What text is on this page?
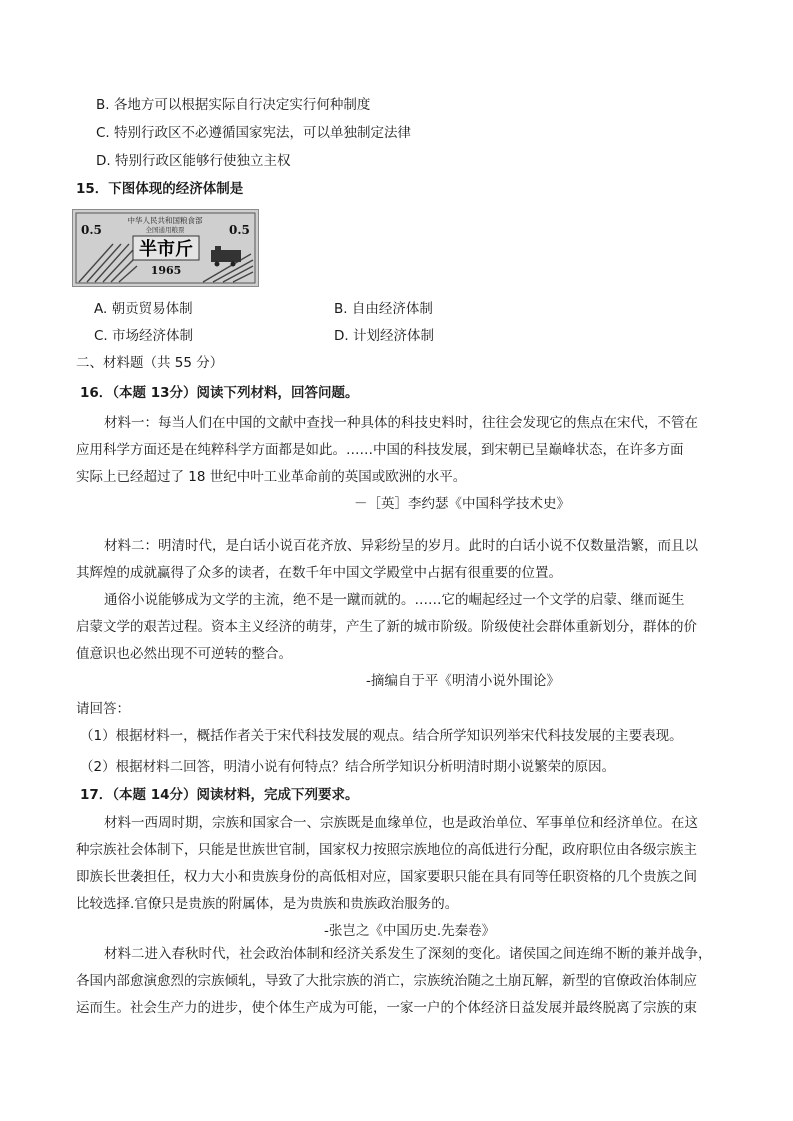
B. 各地方可以根据实际自行决定实行何种制度
C. 特别行政区不必遵循国家宪法，可以单独制定法律
D. 特别行政区能够行使独立主权
15．下图体现的经济体制是
中华人民共和国粮食部
全国通用粮票
0.5	0.5
半市斤
1965
A. 朝贡贸易体制	B. 自由经济体制
C. 市场经济体制	D. 计划经济体制
二、材料题（共 55 分）
16．（本题 13分）阅读下列材料，回答问题。
材料一：每当人们在中国的文献中查找一种具体的科技史料时，往往会发现它的焦点在宋代，不管在
应用科学方面还是在纯粹科学方面都是如此。……中国的科技发展，到宋朝已呈巅峰状态，在许多方面
实际上已经超过了 18 世纪中叶工业革命前的英国或欧洲的水平。
－［英］李约瑟《中国科学技术史》
材料二：明清时代，是白话小说百花齐放、异彩纷呈的岁月。此时的白话小说不仅数量浩繁，而且以
其辉煌的成就赢得了众多的读者，在数千年中国文学殿堂中占据有很重要的位置。
通俗小说能够成为文学的主流，绝不是一蹴而就的。……它的崛起经过一个文学的启蒙、继而诞生
启蒙文学的艰苦过程。资本主义经济的萌芽，产生了新的城市阶级。阶级使社会群体重新划分，群体的价
值意识也必然出现不可逆转的整合。
-摘编自于平《明清小说外围论》
请回答：
（1）根据材料一，概括作者关于宋代科技发展的观点。结合所学知识列举宋代科技发展的主要表现。
（2）根据材料二回答，明清小说有何特点？结合所学知识分析明清时期小说繁荣的原因。
17．（本题 14分）阅读材料，完成下列要求。
材料一西周时期，宗族和国家合一、宗族既是血缘单位，也是政治单位、军事单位和经济单位。在这
种宗族社会体制下，只能是世族世官制，国家权力按照宗族地位的高低进行分配，政府职位由各级宗族主
即族长世袭担任，权力大小和贵族身份的高低相对应，国家要职只能在具有同等任职资格的几个贵族之间
比较选择.官僚只是贵族的附属体，是为贵族和贵族政治服务的。
-张岂之《中国历史.先秦卷》
材料二进入春秋时代，社会政治体制和经济关系发生了深刻的变化。诸侯国之间连绵不断的兼并战争，
各国内部愈演愈烈的宗族倾轧，导致了大批宗族的消亡，宗族统治随之土崩瓦解，新型的官僚政治体制应
运而生。社会生产力的进步，使个体生产成为可能，一家一户的个体经济日益发展并最终脱离了宗族的束
